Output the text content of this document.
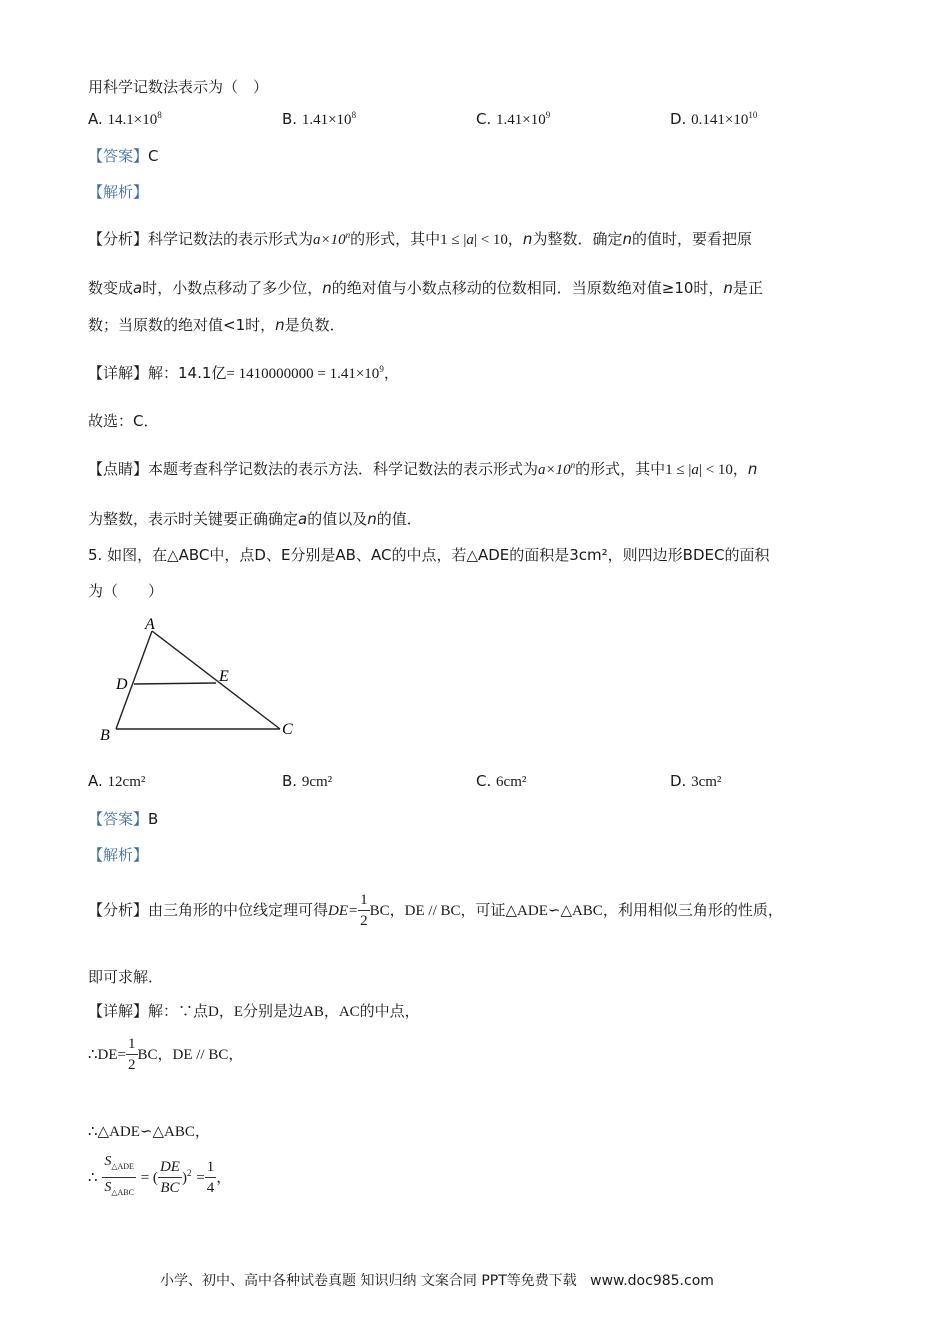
用科学记数法表示为（　）
A. $14.1\times 10^8$	B. $1.41\times 10^8$	C. $1.41\times 10^9$	D. $0.141\times 10^{10}$
【答案】C
【解析】
【分析】科学记数法的表示形式为$a\times 10^n$的形式，其中1 ≤ |a| < 10，n为整数．确定n的值时，要看把原
数变成a时，小数点移动了多少位，n的绝对值与小数点移动的位数相同．当原数绝对值≥10时，n是正
数；当原数的绝对值<1时，n是负数．
【详解】解：14.1亿= $1410000000 = 1.41\times 10^9$，
故选：C．
【点睛】本题考查科学记数法的表示方法．科学记数法的表示形式为$a\times 10^n$的形式，其中1 ≤ |a| < 10，n
为整数，表示时关键要正确确定a的值以及n的值．
5. 如图，在△ABC中，点D、E分别是AB、AC的中点，若△ADE的面积是3cm²，则四边形BDEC的面积
为（　　）
A
D	E
B	C
A. 12cm²	B. 9cm²	C. 6cm²	D. 3cm²
【答案】B
【解析】
【分析】由三角形的中位线定理可得$DE= \frac{1}{2}$ BC，DE // BC，可证△ADE∽△ABC，利用相似三角形的性质，
即可求解．
【详解】解：∵点D，E分别是边AB，AC的中点，
∴DE= $\frac{1}{2}$ BC，DE // BC，
∴△ADE∽△ABC，
∴ $\frac{S_{\triangle ADE}}{S_{\triangle ABC}}$ = ( $\frac{DE}{BC} )^2 = \frac{1}{4}$ ，
小学、初中、高中各种试卷真题 知识归纳 文案合同 PPT等免费下载 www.doc985.com
